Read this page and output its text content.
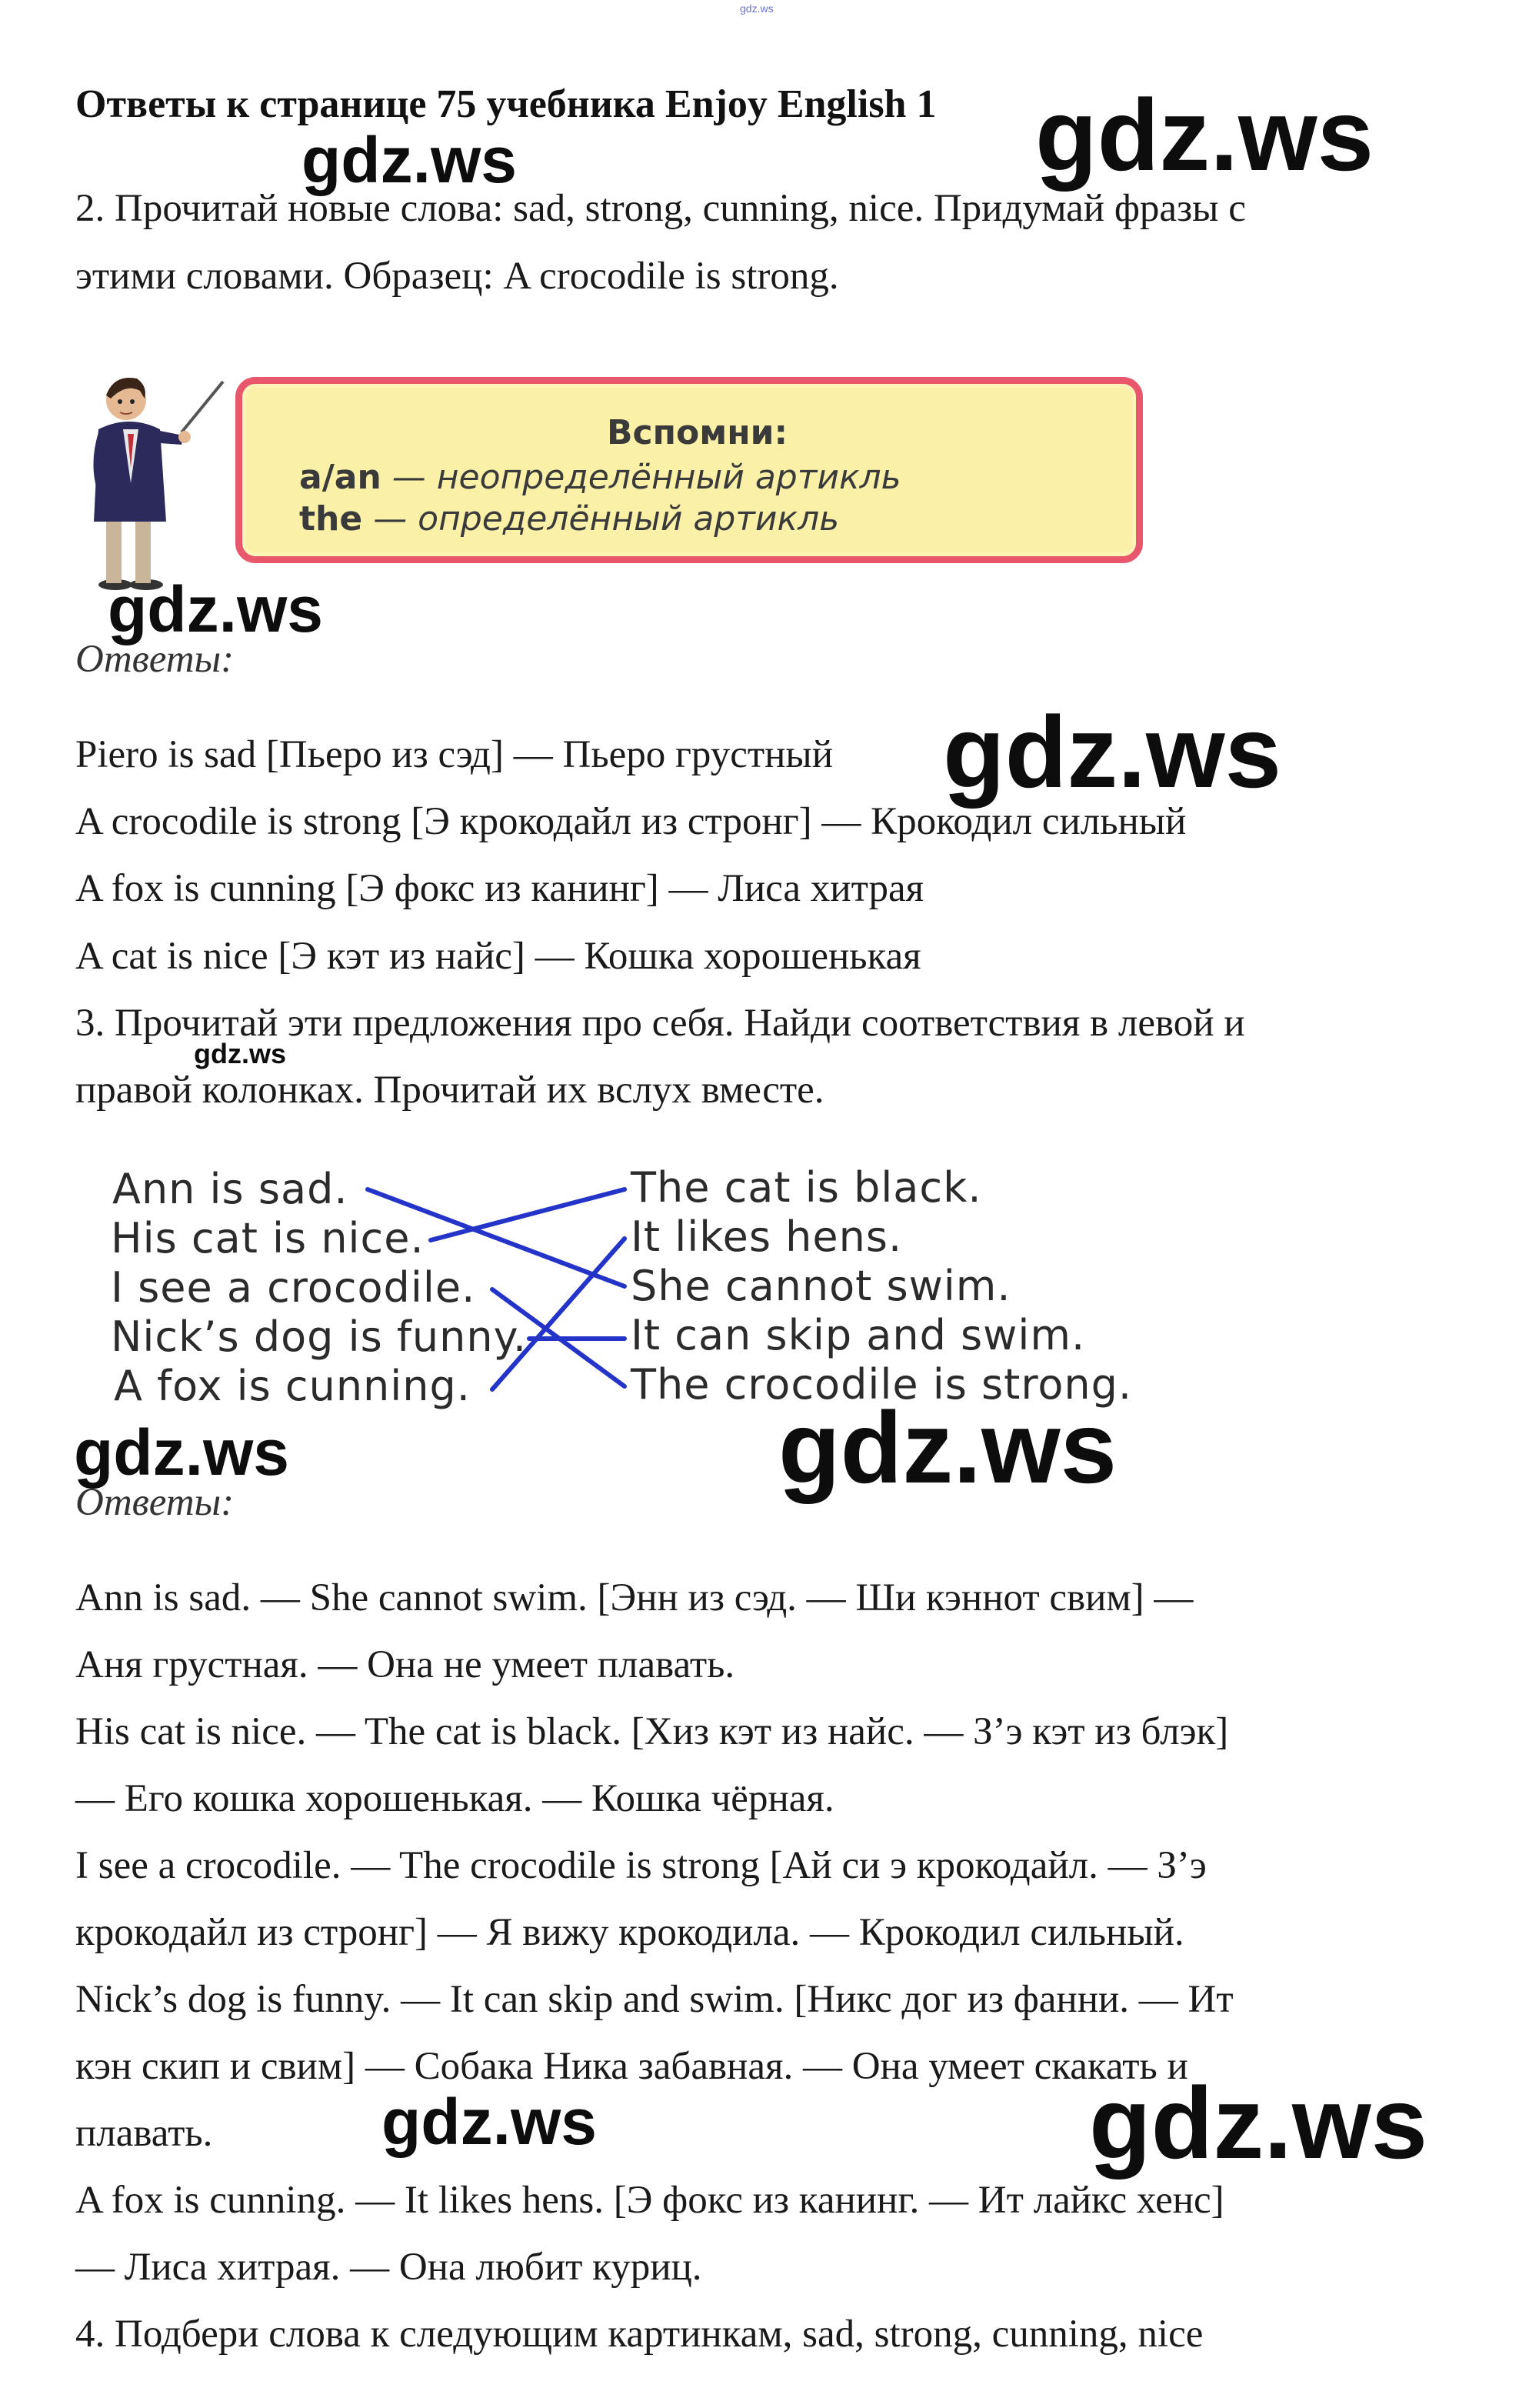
gdz.ws
Ответы к странице 75 учебника Enjoy English 1
2. Прочитай новые слова: sad, strong, cunning, nice. Придумай фразы с
этими словами. Образец: A crocodile is strong.
Вспомни:
a/an — неопределённый артикль
the — определённый артикль
Ответы:
Piero is sad [Пьеро из сэд] — Пьеро грустный
A crocodile is strong [Э крокодайл из стронг] — Крокодил сильный
A fox is cunning [Э фокс из канинг] — Лиса хитрая
A cat is nice [Э кэт из найс] — Кошка хорошенькая
3. Прочитай эти предложения про себя. Найди соответствия в левой и
правой колонках. Прочитай их вслух вместе.
Ann is sad.
His cat is nice.
I see a crocodile.
Nick’s dog is funny.
A fox is cunning.
The cat is black.
It likes hens.
She cannot swim.
It can skip and swim.
The crocodile is strong.
Ответы:
Ann is sad. — She cannot swim. [Энн из сэд. — Ши кэннот свим] —
Аня грустная. — Она не умеет плавать.
His cat is nice. — The cat is black. [Хиз кэт из найс. — З’э кэт из блэк]
— Его кошка хорошенькая. — Кошка чёрная.
I see a crocodile. — The crocodile is strong [Ай си э крокодайл. — З’э
крокодайл из стронг] — Я вижу крокодила. — Крокодил сильный.
Nick’s dog is funny. — It can skip and swim. [Никс дог из фанни. — Ит
кэн скип и свим] — Собака Ника забавная. — Она умеет скакать и
плавать.
A fox is cunning. — It likes hens. [Э фокс из канинг. — Ит лайкс хенс]
— Лиса хитрая. — Она любит куриц.
4. Подбери слова к следующим картинкам, sad, strong, cunning, nice
gdz.ws	gdz.ws
gdz.ws
gdz.ws
gdz.ws
gdz.ws	gdz.ws
gdz.ws	gdz.ws
